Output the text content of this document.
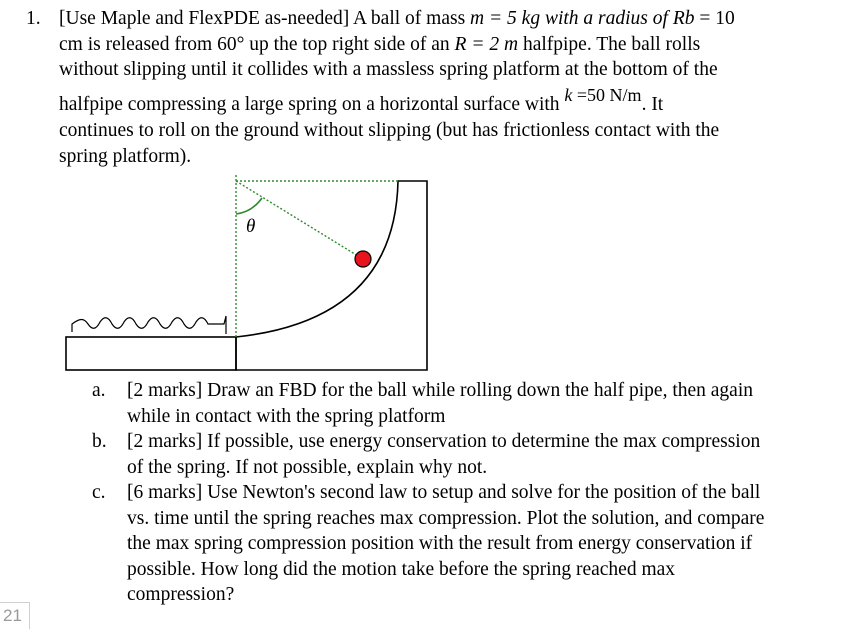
1. [Use Maple and FlexPDE as-needed] A ball of mass m = 5 kg with a radius of Rb = 10
cm is released from 60° up the top right side of an R = 2 m halfpipe. The ball rolls
without slipping until it collides with a massless spring platform at the bottom of the
halfpipe compressing a large spring on a horizontal surface with k =50 N/m. It
continues to roll on the ground without slipping (but has frictionless contact with the
spring platform).
θ
a. [2 marks] Draw an FBD for the ball while rolling down the half pipe, then again
while in contact with the spring platform
b. [2 marks] If possible, use energy conservation to determine the max compression
of the spring. If not possible, explain why not.
c. [6 marks] Use Newton's second law to setup and solve for the position of the ball
vs. time until the spring reaches max compression. Plot the solution, and compare
the max spring compression position with the result from energy conservation if
possible. How long did the motion take before the spring reached max
compression?
21
